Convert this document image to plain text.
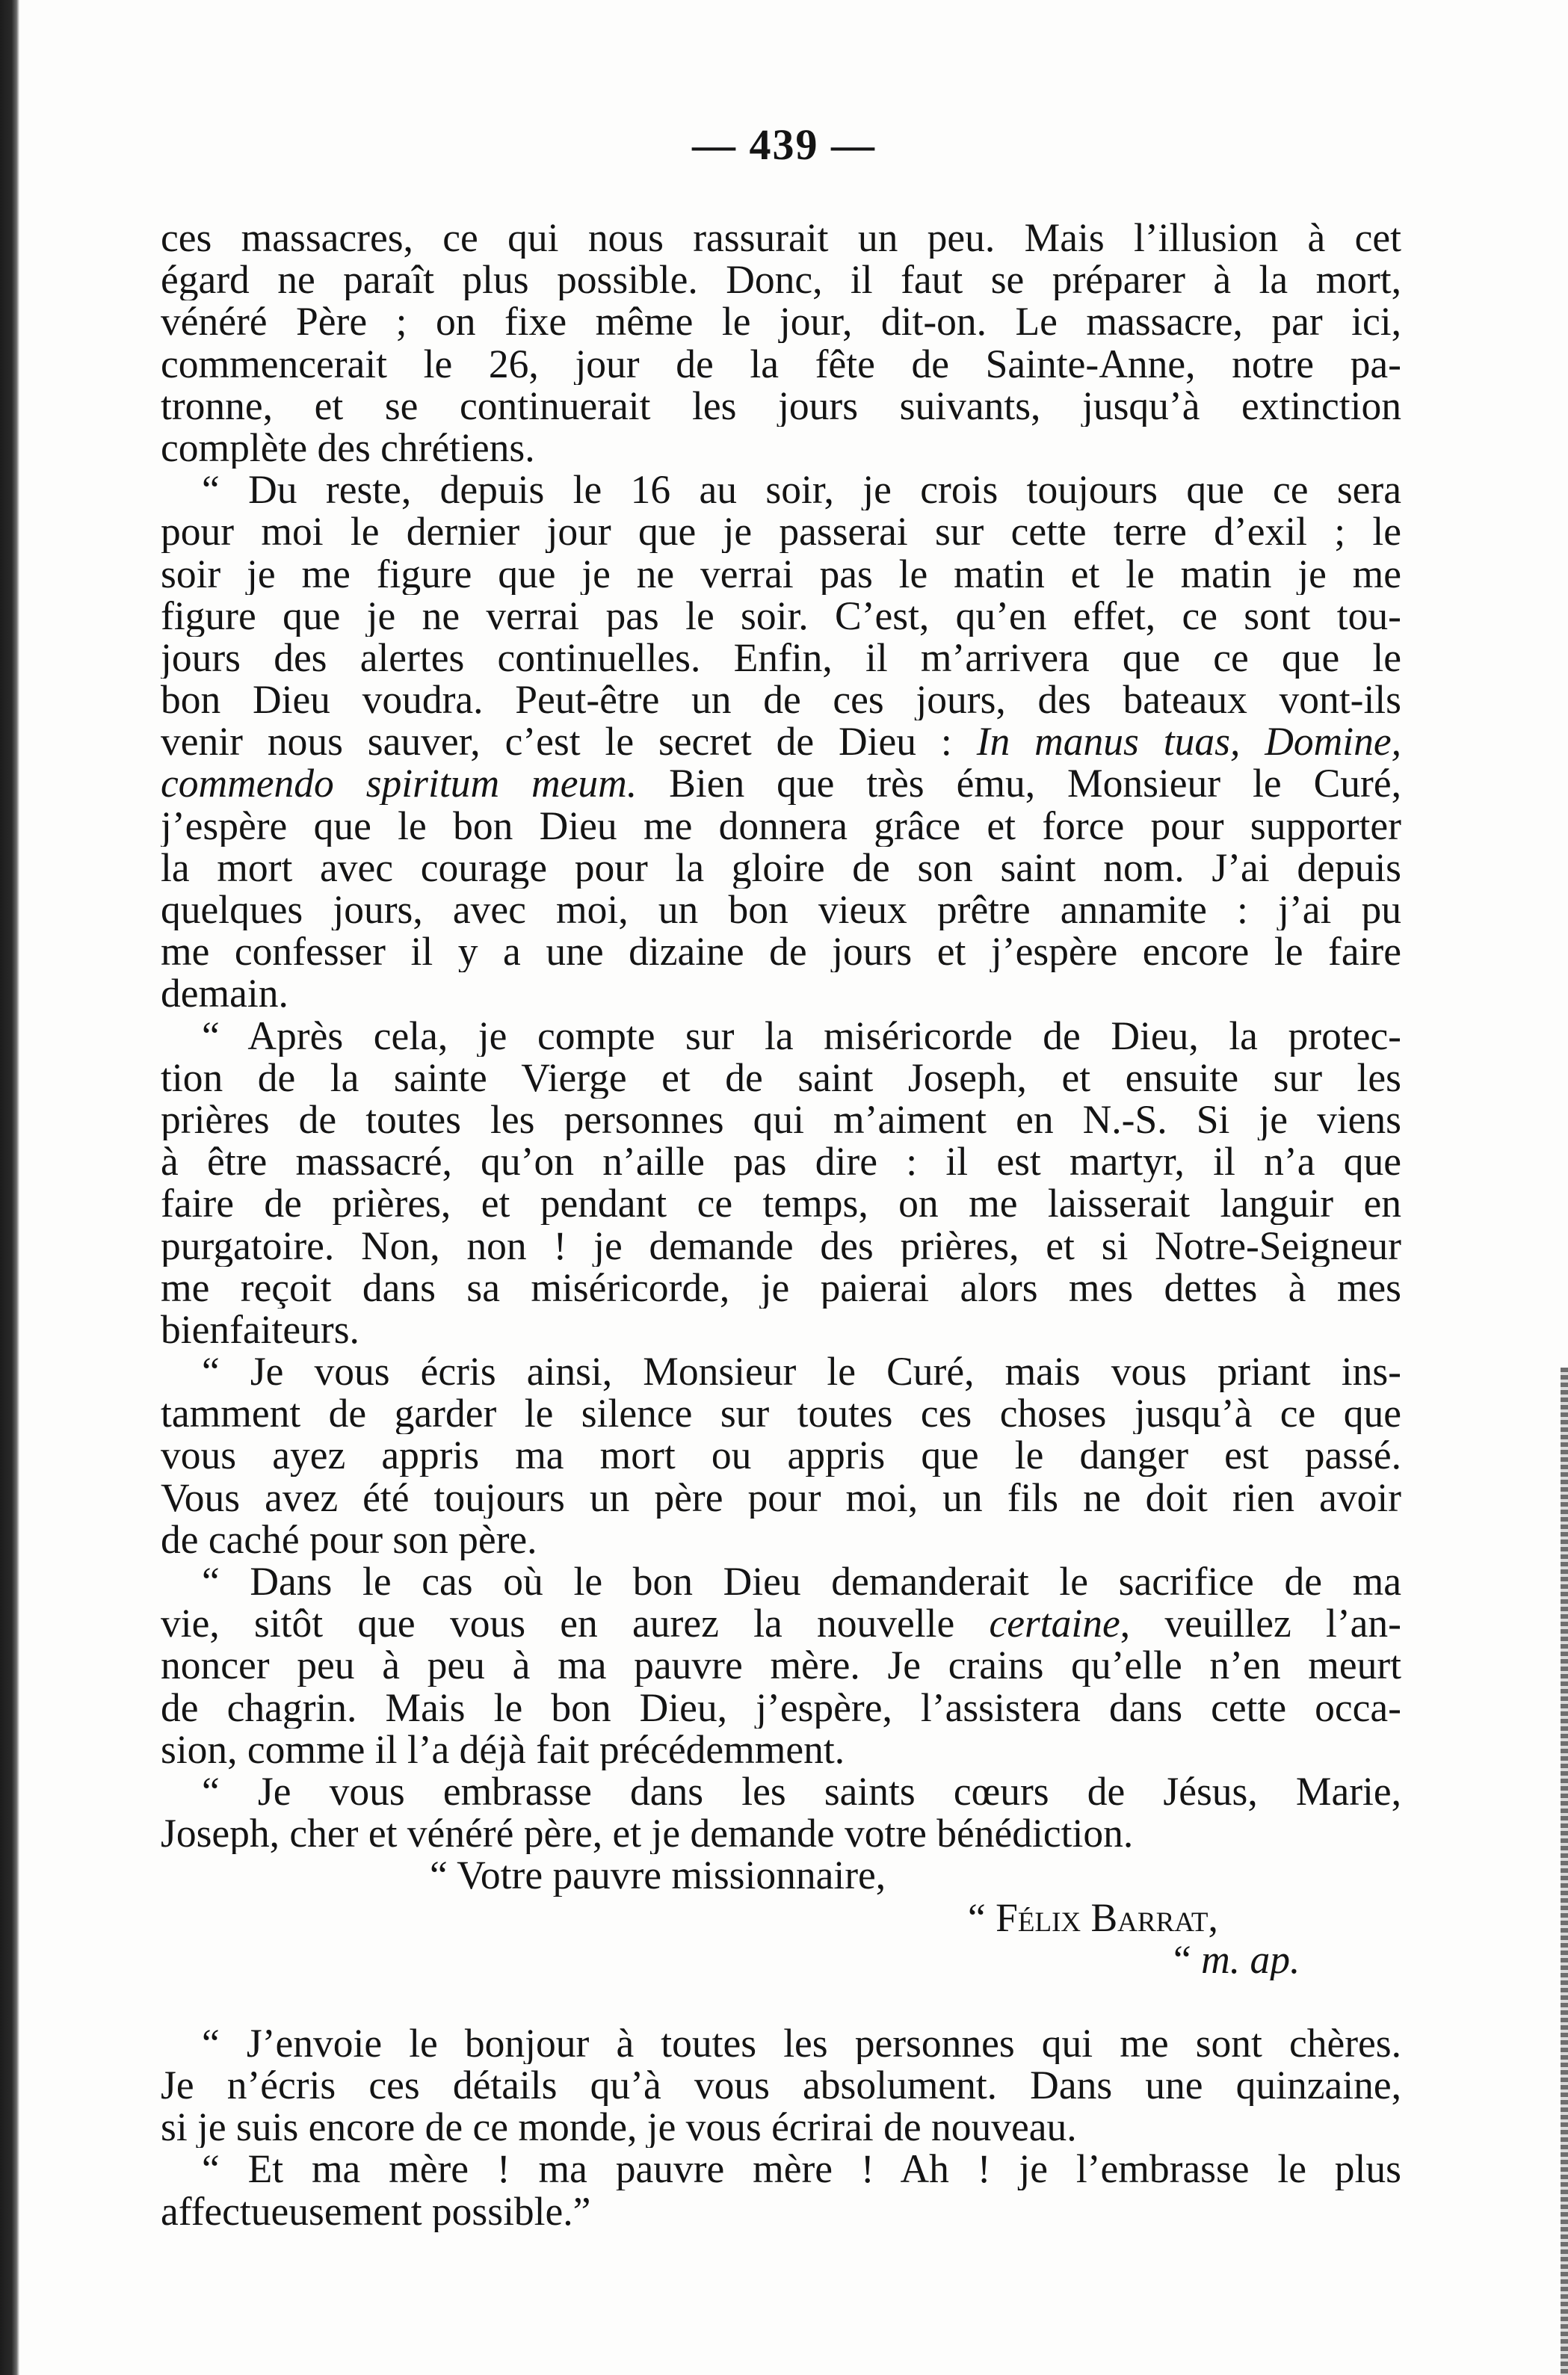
— 439 —
ces massacres, ce qui nous rassurait un peu. Mais l’illusion à cet
égard ne paraît plus possible. Donc, il faut se préparer à la mort,
vénéré Père ; on fixe même le jour, dit-on. Le massacre, par ici,
commencerait le 26, jour de la fête de Sainte-Anne, notre pa-
tronne, et se continuerait les jours suivants, jusqu’à extinction
complète des chrétiens.
“ Du reste, depuis le 16 au soir, je crois toujours que ce sera
pour moi le dernier jour que je passerai sur cette terre d’exil ; le
soir je me figure que je ne verrai pas le matin et le matin je me
figure que je ne verrai pas le soir. C’est, qu’en effet, ce sont tou-
jours des alertes continuelles. Enfin, il m’arrivera que ce que le
bon Dieu voudra. Peut-être un de ces jours, des bateaux vont-ils
venir nous sauver, c’est le secret de Dieu : In manus tuas, Domine,
commendo spiritum meum. Bien que très ému, Monsieur le Curé,
j’espère que le bon Dieu me donnera grâce et force pour supporter
la mort avec courage pour la gloire de son saint nom. J’ai depuis
quelques jours, avec moi, un bon vieux prêtre annamite : j’ai pu
me confesser il y a une dizaine de jours et j’espère encore le faire
demain.
“ Après cela, je compte sur la miséricorde de Dieu, la protec-
tion de la sainte Vierge et de saint Joseph, et ensuite sur les
prières de toutes les personnes qui m’aiment en N.-S. Si je viens
à être massacré, qu’on n’aille pas dire : il est martyr, il n’a que
faire de prières, et pendant ce temps, on me laisserait languir en
purgatoire. Non, non ! je demande des prières, et si Notre-Seigneur
me reçoit dans sa miséricorde, je paierai alors mes dettes à mes
bienfaiteurs.
“ Je vous écris ainsi, Monsieur le Curé, mais vous priant ins-
tamment de garder le silence sur toutes ces choses jusqu’à ce que
vous ayez appris ma mort ou appris que le danger est passé.
Vous avez été toujours un père pour moi, un fils ne doit rien avoir
de caché pour son père.
“ Dans le cas où le bon Dieu demanderait le sacrifice de ma
vie, sitôt que vous en aurez la nouvelle certaine, veuillez l’an-
noncer peu à peu à ma pauvre mère. Je crains qu’elle n’en meurt
de chagrin. Mais le bon Dieu, j’espère, l’assistera dans cette occa-
sion, comme il l’a déjà fait précédemment.
“ Je vous embrasse dans les saints cœurs de Jésus, Marie,
Joseph, cher et vénéré père, et je demande votre bénédiction.
“ Votre pauvre missionnaire,
“ Félix Barrat,
“ m. ap.
“ J’envoie le bonjour à toutes les personnes qui me sont chères.
Je n’écris ces détails qu’à vous absolument. Dans une quinzaine,
si je suis encore de ce monde, je vous écrirai de nouveau.
“ Et ma mère ! ma pauvre mère ! Ah ! je l’embrasse le plus
affectueusement possible.”
